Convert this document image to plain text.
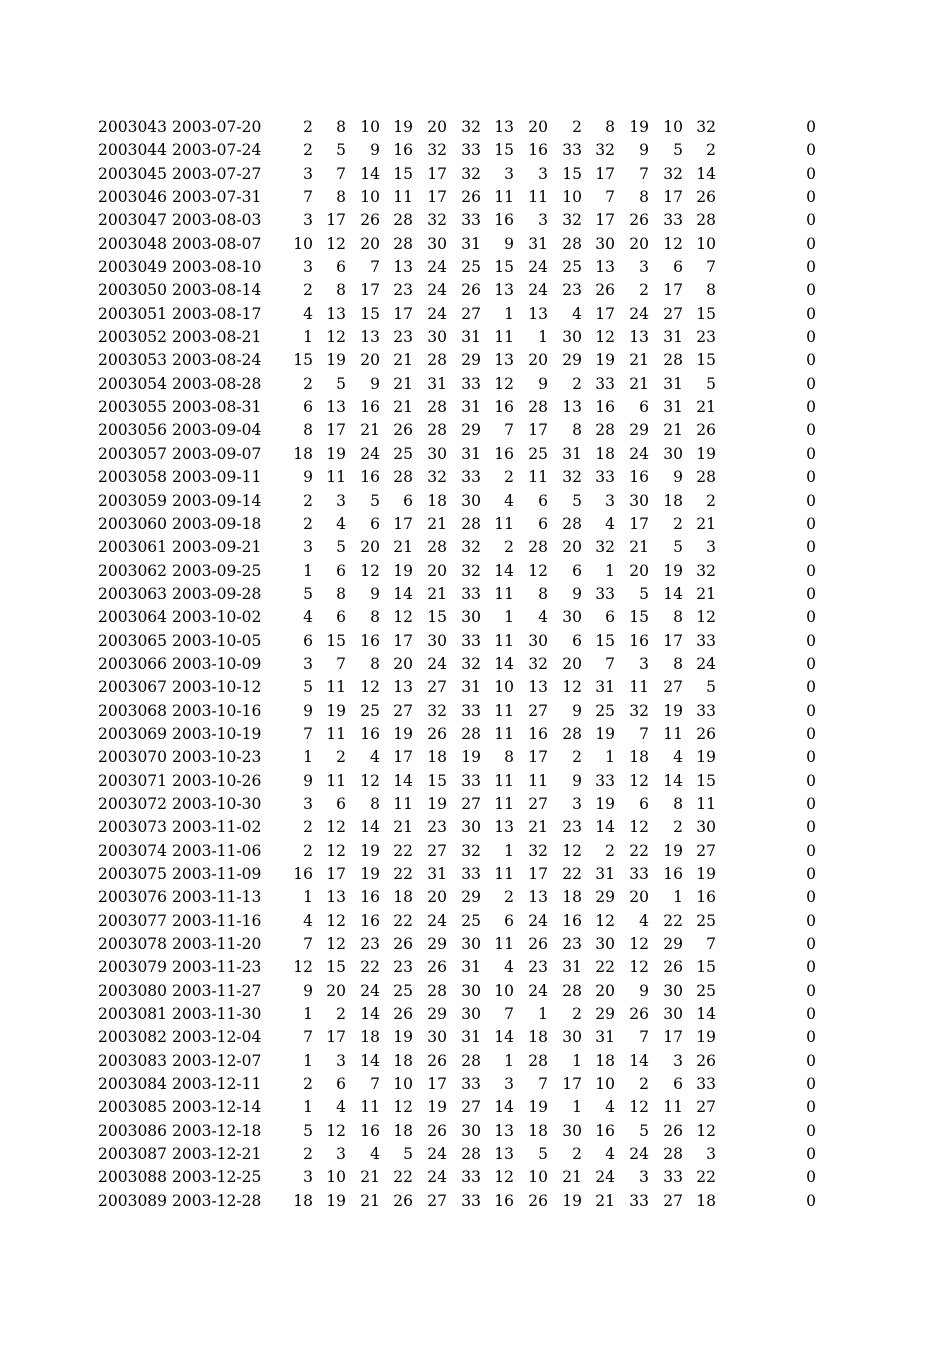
2003043 2003-07-20	2	8 10 19 20 32 13 20	2	8 19 10 32	0
2003044 2003-07-24	2	5	9 16 32 33 15 16 33 32	9	5	2	0
2003045 2003-07-27	3	7 14 15 17 32	3	3 15 17	7 32 14	0
2003046 2003-07-31	7	8 10 11 17 26 11 11 10	7	8 17 26	0
2003047 2003-08-03	3 17 26 28 32 33 16	3 32 17 26 33 28	0
2003048 2003-08-07	10 12 20 28 30 31	9 31 28 30 20 12 10	0
2003049 2003-08-10	3	6	7 13 24 25 15 24 25 13	3	6	7	0
2003050 2003-08-14	2	8 17 23 24 26 13 24 23 26	2 17	8	0
2003051 2003-08-17	4 13 15 17 24 27	1 13	4 17 24 27 15	0
2003052 2003-08-21	1 12 13 23 30 31 11	1 30 12 13 31 23	0
2003053 2003-08-24	15 19 20 21 28 29 13 20 29 19 21 28 15	0
2003054 2003-08-28	2	5	9 21 31 33 12	9	2 33 21 31	5	0
2003055 2003-08-31	6 13 16 21 28 31 16 28 13 16	6 31 21	0
2003056 2003-09-04	8 17 21 26 28 29	7 17	8 28 29 21 26	0
2003057 2003-09-07	18 19 24 25 30 31 16 25 31 18 24 30 19	0
2003058 2003-09-11	9 11 16 28 32 33	2 11 32 33 16	9 28	0
2003059 2003-09-14	2	3	5	6 18 30	4	6	5	3 30 18	2	0
2003060 2003-09-18	2	4	6 17 21 28 11	6 28	4 17	2 21	0
2003061 2003-09-21	3	5 20 21 28 32	2 28 20 32 21	5	3	0
2003062 2003-09-25	1	6 12 19 20 32 14 12	6	1 20 19 32	0
2003063 2003-09-28	5	8	9 14 21 33 11	8	9 33	5 14 21	0
2003064 2003-10-02	4	6	8 12 15 30	1	4 30	6 15	8 12	0
2003065 2003-10-05	6 15 16 17 30 33 11 30	6 15 16 17 33	0
2003066 2003-10-09	3	7	8 20 24 32 14 32 20	7	3	8 24	0
2003067 2003-10-12	5 11 12 13 27 31 10 13 12 31 11 27	5	0
2003068 2003-10-16	9 19 25 27 32 33 11 27	9 25 32 19 33	0
2003069 2003-10-19	7 11 16 19 26 28 11 16 28 19	7 11 26	0
2003070 2003-10-23	1	2	4 17 18 19	8 17	2	1 18	4 19	0
2003071 2003-10-26	9 11 12 14 15 33 11 11	9 33 12 14 15	0
2003072 2003-10-30	3	6	8 11 19 27 11 27	3 19	6	8 11	0
2003073 2003-11-02	2 12 14 21 23 30 13 21 23 14 12	2 30	0
2003074 2003-11-06	2 12 19 22 27 32	1 32 12	2 22 19 27	0
2003075 2003-11-09	16 17 19 22 31 33 11 17 22 31 33 16 19	0
2003076 2003-11-13	1 13 16 18 20 29	2 13 18 29 20	1 16	0
2003077 2003-11-16	4 12 16 22 24 25	6 24 16 12	4 22 25	0
2003078 2003-11-20	7 12 23 26 29 30 11 26 23 30 12 29	7	0
2003079 2003-11-23	12 15 22 23 26 31	4 23 31 22 12 26 15	0
2003080 2003-11-27	9 20 24 25 28 30 10 24 28 20	9 30 25	0
2003081 2003-11-30	1	2 14 26 29 30	7	1	2 29 26 30 14	0
2003082 2003-12-04	7 17 18 19 30 31 14 18 30 31	7 17 19	0
2003083 2003-12-07	1	3 14 18 26 28	1 28	1 18 14	3 26	0
2003084 2003-12-11	2	6	7 10 17 33	3	7 17 10	2	6 33	0
2003085 2003-12-14	1	4 11 12 19 27 14 19	1	4 12 11 27	0
2003086 2003-12-18	5 12 16 18 26 30 13 18 30 16	5 26 12	0
2003087 2003-12-21	2	3	4	5 24 28 13	5	2	4 24 28	3	0
2003088 2003-12-25	3 10 21 22 24 33 12 10 21 24	3 33 22	0
2003089 2003-12-28	18 19 21 26 27 33 16 26 19 21 33 27 18	0
